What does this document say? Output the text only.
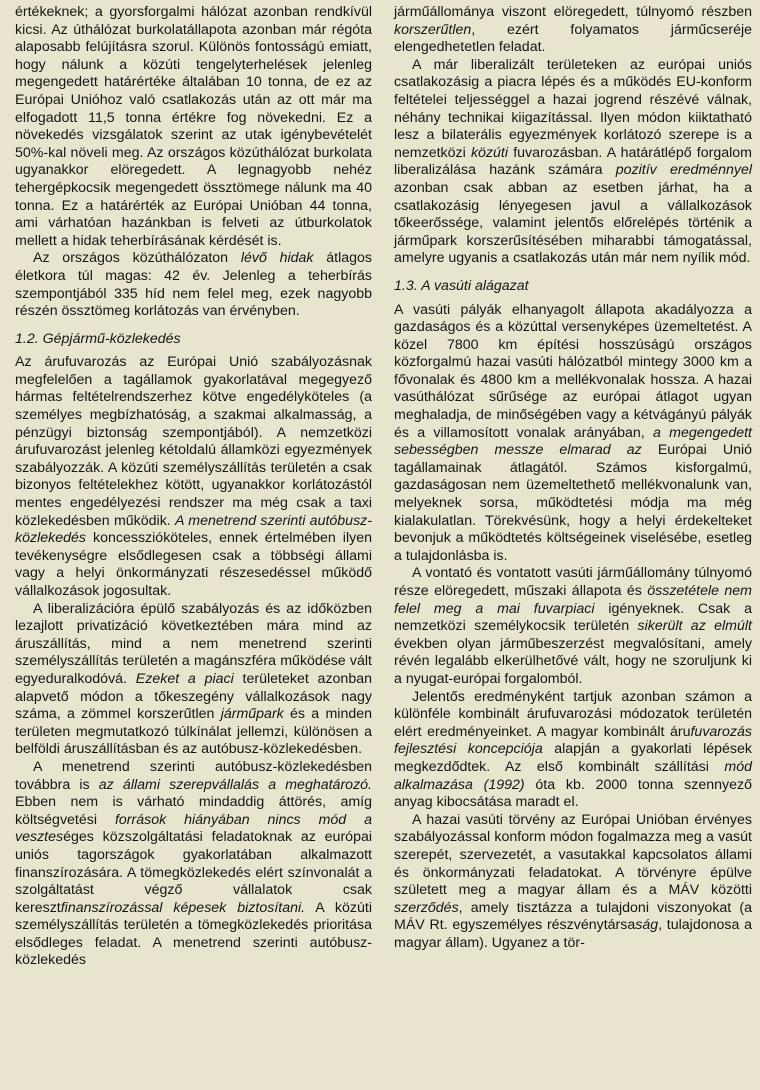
értékeknek; a gyorsforgalmi hálózat azonban rendkívül kicsi. Az úthálózat burkolatállapota azonban már régóta alaposabb felújításra szorul. Különös fontosságú emiatt, hogy nálunk a közúti tengelyterhelések jelenleg megengedett határértéke általában 10 tonna, de ez az Európai Unióhoz való csatlakozás után az ott már ma elfogadott 11,5 tonna értékre fog növekedni. Ez a növekedés vizsgálatok szerint az utak igénybevételét 50%-kal növeli meg. Az országos közúthálózat burkolata ugyanakkor elöregedett. A legnagyobb nehéz tehergépkocsik megengedett össztömege nálunk ma 40 tonna. Ez a határérték az Európai Unióban 44 tonna, ami várhatóan hazánkban is felveti az útburkolatok mellett a hidak teherbírásának kérdését is.

Az országos közúthálózaton lévő hidak átlagos életkora túl magas: 42 év. Jelenleg a teherbírás szempontjából 335 híd nem felel meg, ezek nagyobb részén össztömeg korlátozás van érvényben.

1.2. Gépjármű-közlekedés

Az árufuvarozás az Európai Unió szabályozásnak megfelelően a tagállamok gyakorlatával megegyező hármas feltételrendszerhez kötve engedélyköteles (a személyes megbízhatóság, a szakmai alkalmasság, a pénzügyi biztonság szempontjából). A nemzetközi árufuvarozást jelenleg kétoldalú államközi egyezmények szabályozzák. A közúti személyszállítás területén a csak bizonyos feltételekhez kötött, ugyanakkor korlátozástól mentes engedélyezési rendszer ma még csak a taxi közlekedésben működik. A menetrend szerinti autóbusz-közlekedés koncesszióköteles, ennek értelmében ilyen tevékenységre elsődlegesen csak a többségi állami vagy a helyi önkormányzati részesedéssel működő vállalkozások jogosultak.

A liberalizációra épülő szabályozás és az időközben lezajlott privatizáció következtében mára mind az áruszállítás, mind a nem menetrend szerinti személyszállítás területén a magánszféra működése vált egyeduralkodóvá. Ezeket a piaci területeket azonban alapvető módon a tőkeszegény vállalkozások nagy száma, a zömmel korszerűtlen járműpark és a minden területen megmutatkozó túlkínálat jellemzi, különösen a belföldi áruszállításban és az autóbusz-közlekedésben.

A menetrend szerinti autóbusz-közlekedésben továbbra is az állami szerepvállalás a meghatározó. Ebben nem is várható mindaddig áttörés, amíg költségvetési források hiányában nincs mód a veszteséges közszolgáltatási feladatoknak az európai uniós tagországok gyakorlatában alkalmazott finanszírozására. A tömegközlekedés elért színvonalát a szolgáltatást végző vállalatok csak keresztfinanszírozással képesek biztosítani. A közúti személyszállítás területén a tömegközlekedés prioritása elsődleges feladat. A menetrend szerinti autóbusz-közlekedés

járműállománya viszont elöregedett, túlnyomó részben korszerűtlen, ezért folyamatos járműcseréje elengedhetetlen feladat.

A már liberalizált területeken az európai uniós csatlakozásig a piacra lépés és a működés EU-konform feltételei teljességgel a hazai jogrend részévé válnak, néhány technikai kiigazítással. Ilyen módon kiiktatható lesz a bilaterális egyezmények korlátozó szerepe is a nemzetközi közúti fuvarozásban. A határátlépő forgalom liberalizálása hazánk számára pozitív eredménnyel azonban csak abban az esetben járhat, ha a csatlakozásig lényegesen javul a vállalkozások tőkeerőssége, valamint jelentős előrelépés történik a járműpark korszerűsítésében miharabbi támogatással, amelyre ugyanis a csatlakozás után már nem nyílik mód.

1.3. A vasúti alágazat

A vasúti pályák elhanyagolt állapota akadályozza a gazdaságos és a közúttal versenyképes üzemeltetést. A közel 7800 km építési hosszúságú országos közforgalmú hazai vasúti hálózatból mintegy 3000 km a fővonalak és 4800 km a mellékvonalak hossza. A hazai vasúthálózat sűrűsége az európai átlagot ugyan meghaladja, de minőségében vagy a kétvágányú pályák és a villamosított vonalak arányában, a megengedett sebességben messze elmarad az Európai Unió tagállamainak átlagától. Számos kisforgalmú, gazdaságosan nem üzemeltethető mellékvonalunk van, melyeknek sorsa, működtetési módja ma még kialakulatlan. Törekvésünk, hogy a helyi érdekelteket bevonjuk a működtetés költségeinek viselésébe, esetleg a tulajdonlásba is.

A vontató és vontatott vasúti járműállomány túlnyomó része elöregedett, műszaki állapota és összetétele nem felel meg a mai fuvarpiaci igényeknek. Csak a nemzetközi személykocsik területén sikerült az elmúlt években olyan járműbeszerzést megvalósítani, amely révén legalább elkerülhetővé vált, hogy ne szoruljunk ki a nyugat-európai forgalomból.

Jelentős eredményként tartjuk azonban számon a különféle kombinált árufuvarozási módozatok területén elért eredményeinket. A magyar kombinált árufuvarozás fejlesztési koncepciója alapján a gyakorlati lépések megkezdődtek. Az első kombinált szállítási mód alkalmazása (1992) óta kb. 2000 tonna szennyező anyag kibocsátása maradt el.

A hazai vasúti törvény az Európai Unióban érvényes szabályozással konform módon fogalmazza meg a vasút szerepét, szervezetét, a vasutakkal kapcsolatos állami és önkormányzati feladatokat. A törvényre épülve született meg a magyar állam és a MÁV közötti szerződés, amely tisztázza a tulajdoni viszonyokat (a MÁV Rt. egyszemélyes részvénytársaság, tulajdonosa a magyar állam). Ugyanez a tör-
